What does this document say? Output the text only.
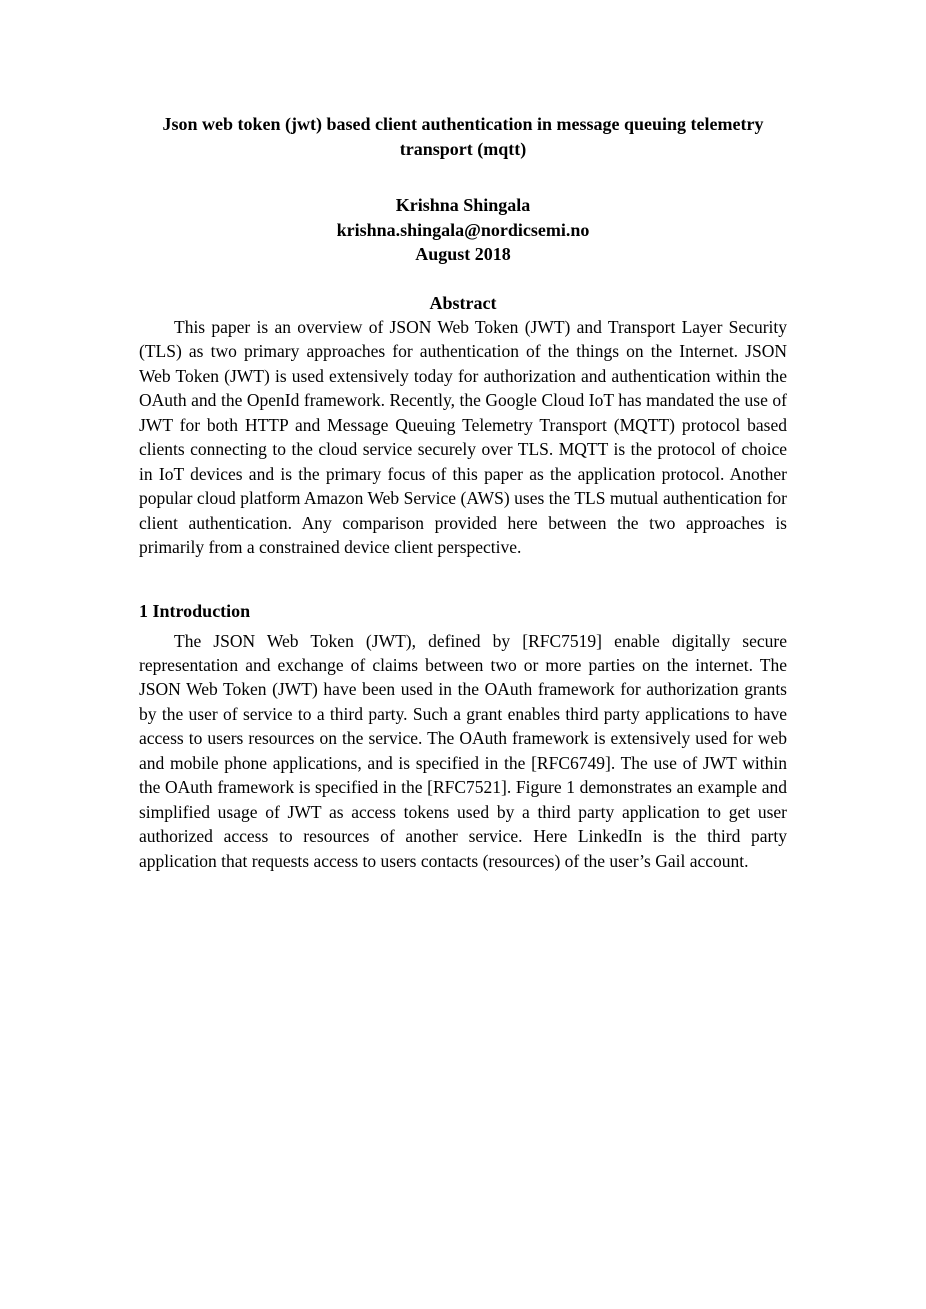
Json web token (jwt) based client authentication in message queuing telemetry transport (mqtt)
Krishna Shingala
krishna.shingala@nordicsemi.no
August 2018
Abstract

This paper is an overview of JSON Web Token (JWT) and Transport Layer Security (TLS) as two primary approaches for authentication of the things on the Internet. JSON Web Token (JWT) is used extensively today for authorization and authentication within the OAuth and the OpenId framework. Recently, the Google Cloud IoT has mandated the use of JWT for both HTTP and Message Queuing Telemetry Transport (MQTT) protocol based clients connecting to the cloud service securely over TLS. MQTT is the protocol of choice in IoT devices and is the primary focus of this paper as the application protocol. Another popular cloud platform Amazon Web Service (AWS) uses the TLS mutual authentication for client authentication. Any comparison provided here between the two approaches is primarily from a constrained device client perspective.

1 Introduction

The JSON Web Token (JWT), defined by [RFC7519] enable digitally secure representation and exchange of claims between two or more parties on the internet. The JSON Web Token (JWT) have been used in the OAuth framework for authorization grants by the user of service to a third party. Such a grant enables third party applications to have access to users resources on the service. The OAuth framework is extensively used for web and mobile phone applications, and is specified in the [RFC6749]. The use of JWT within the OAuth framework is specified in the [RFC7521]. Figure 1 demonstrates an example and simplified usage of JWT as access tokens used by a third party application to get user authorized access to resources of another service. Here LinkedIn is the third party application that requests access to users contacts (resources) of the user’s Gail account.
